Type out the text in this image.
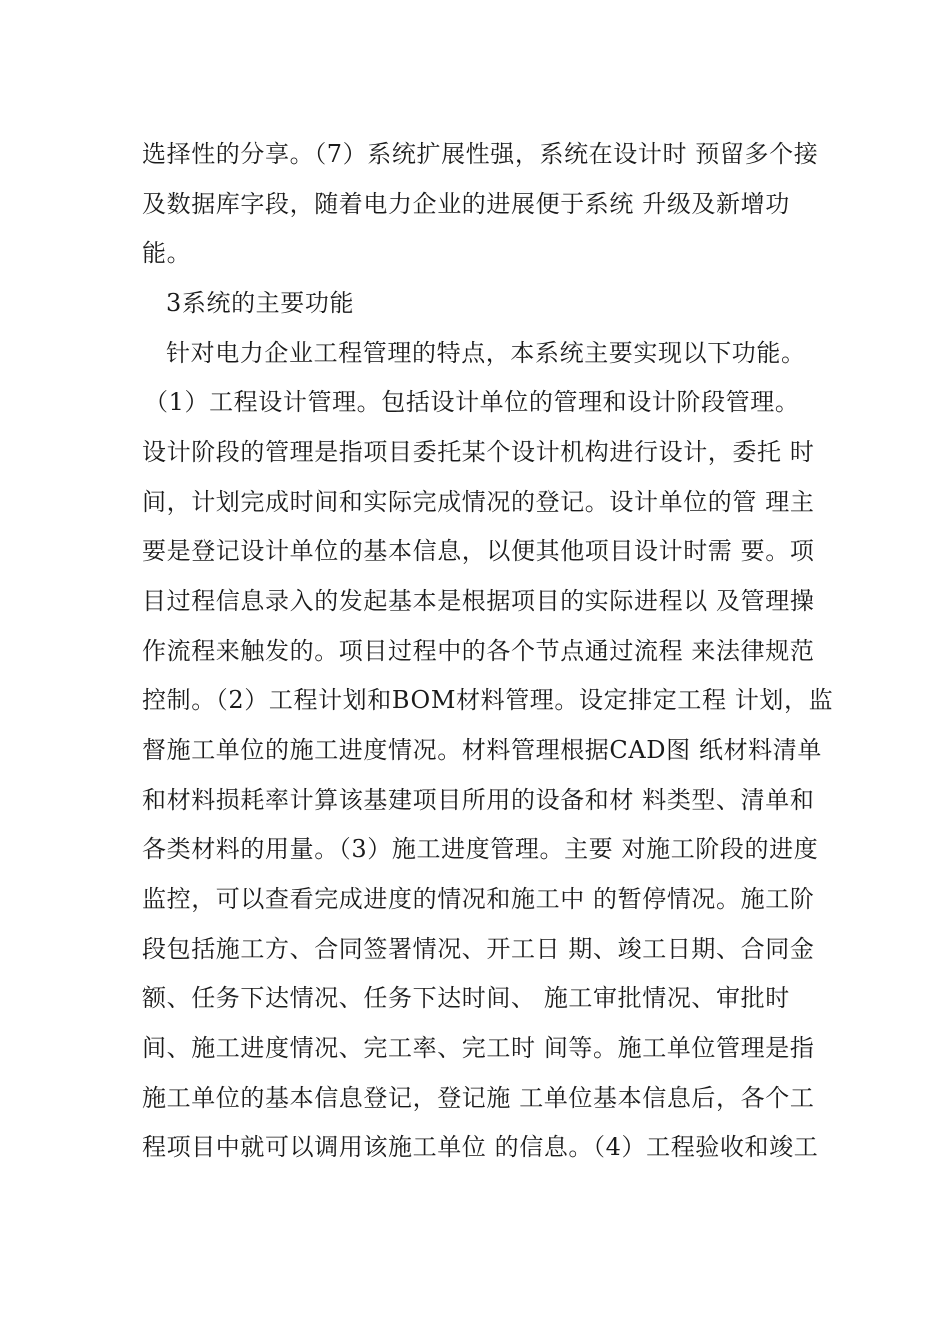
选择性的分享。（7）系统扩展性强，系统在设计时 预留多个接
及数据库字段，随着电力企业的进展便于系统 升级及新增功
能。
3系统的主要功能
针对电力企业工程管理的特点，本系统主要实现以下功能。
（1）工程设计管理。包括设计单位的管理和设计阶段管理。
设计阶段的管理是指项目委托某个设计机构进行设计，委托 时
间，计划完成时间和实际完成情况的登记。设计单位的管 理主
要是登记设计单位的基本信息，以便其他项目设计时需 要。项
目过程信息录入的发起基本是根据项目的实际进程以 及管理操
作流程来触发的。项目过程中的各个节点通过流程 来法律规范
控制。（2）工程计划和BOM材料管理。设定排定工程 计划，监
督施工单位的施工进度情况。材料管理根据CAD图 纸材料清单
和材料损耗率计算该基建项目所用的设备和材 料类型、清单和
各类材料的用量。（3）施工进度管理。主要 对施工阶段的进度
监控，可以查看完成进度的情况和施工中 的暂停情况。施工阶
段包括施工方、合同签署情况、开工日 期、竣工日期、合同金
额、任务下达情况、任务下达时间、 施工审批情况、审批时
间、施工进度情况、完工率、完工时 间等。施工单位管理是指
施工单位的基本信息登记，登记施 工单位基本信息后，各个工
程项目中就可以调用该施工单位 的信息。（4）工程验收和竣工
